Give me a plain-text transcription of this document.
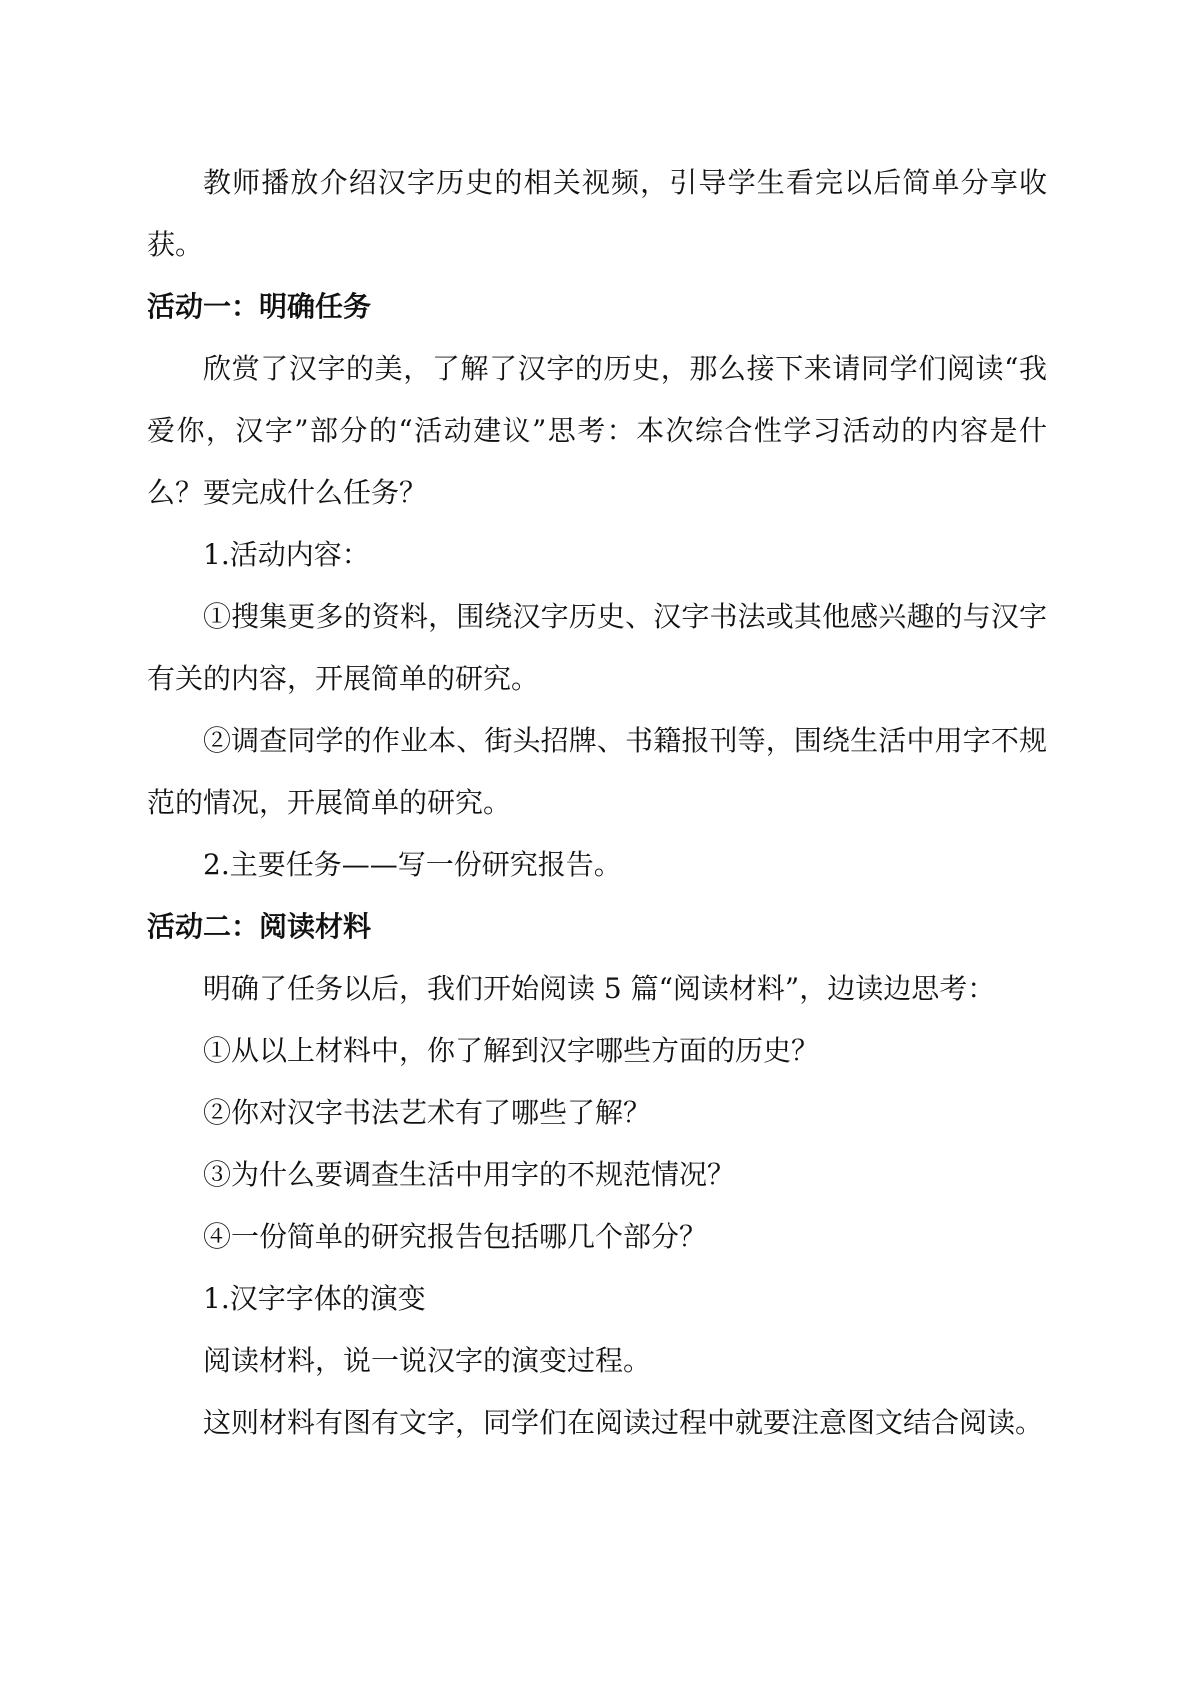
教师播放介绍汉字历史的相关视频，引导学生看完以后简单分享收获。

活动一：明确任务

欣赏了汉字的美，了解了汉字的历史，那么接下来请同学们阅读“我爱你，汉字”部分的“活动建议”思考：本次综合性学习活动的内容是什么？要完成什么任务？

1.活动内容：

①搜集更多的资料，围绕汉字历史、汉字书法或其他感兴趣的与汉字有关的内容，开展简单的研究。

②调查同学的作业本、街头招牌、书籍报刊等，围绕生活中用字不规范的情况，开展简单的研究。

2.主要任务——写一份研究报告。

活动二：阅读材料

明确了任务以后，我们开始阅读 5 篇“阅读材料”，边读边思考：

①从以上材料中，你了解到汉字哪些方面的历史？

②你对汉字书法艺术有了哪些了解？

③为什么要调查生活中用字的不规范情况？

④一份简单的研究报告包括哪几个部分？

1.汉字字体的演变

阅读材料，说一说汉字的演变过程。

这则材料有图有文字，同学们在阅读过程中就要注意图文结合阅读。
